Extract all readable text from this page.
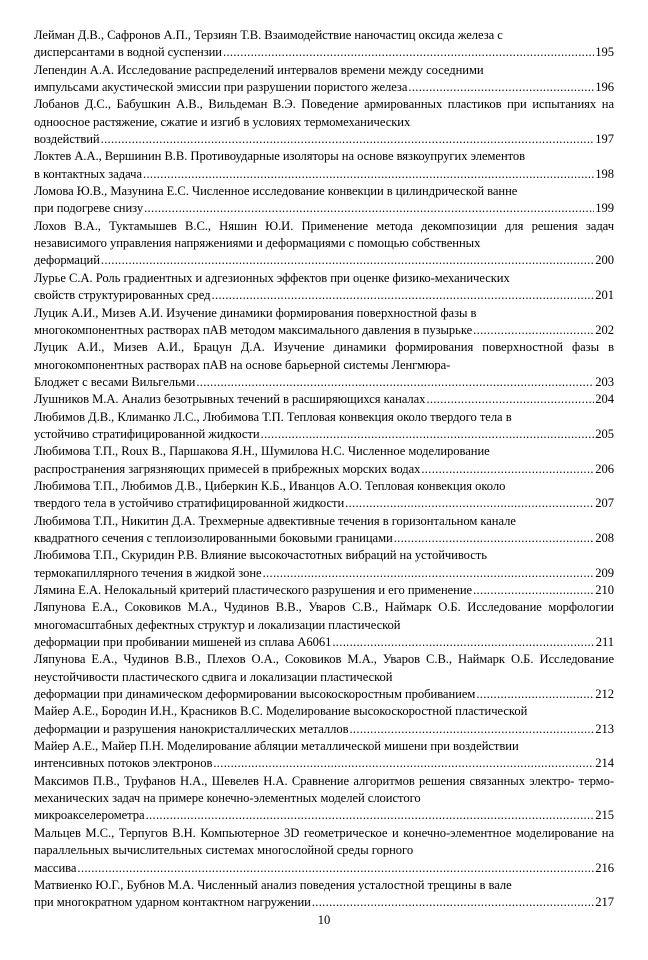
Лейман Д.В., Сафронов А.П., Терзиян Т.В. Взаимодействие наночастиц оксида железа с
дисперсантами в водной суспензии .....	195
Лепендин А.А. Исследование распределений интервалов времени между соседними
импульсами акустической эмиссии при разрушении пористого железа .....	196
Лобанов Д.С., Бабушкин А.В., Вильдеман В.Э. Поведение армированных пластиков при испытаниях на одноосное растяжение, сжатие и изгиб в условиях термомеханических
воздействий .....	197
Локтев А.А., Вершинин В.В. Противоударные изоляторы на основе вязкоупругих элементов
в контактных задача .....	198
Ломова Ю.В., Мазунина Е.С. Численное исследование конвекции в цилиндрической ванне
при подогреве снизу .....	199
Лохов В.А., Туктамышев В.С., Няшин Ю.И. Применение метода декомпозиции для решения задач независимого управления напряжениями и деформациями с помощью собственных
деформаций .....	200
Лурье С.А. Роль градиентных и адгезионных эффектов при оценке физико-механических
свойств структурированных сред .....	201
Луцик А.И., Мизев А.И. Изучение динамики формирования поверхностной фазы в
многокомпонентных растворах пАВ методом максимального давления в пузырьке .....	202
Луцик А.И., Мизев А.И., Брацун Д.А. Изучение динамики формирования поверхностной фазы в многокомпонентных растворах пАВ на основе барьерной системы Ленгмюра-
Блоджет с весами Вильгельми .....	203
Лушников М.А. Анализ безотрывных течений в расширяющихся каналах .....	204
Любимов Д.В., Климанко Л.С., Любимова Т.П. Тепловая конвекция около твердого тела в
устойчиво стратифицированной жидкости .....	205
Любимова Т.П., Roux B., Паршакова Я.Н., Шумилова Н.С. Численное моделирование
распространения загрязняющих примесей в прибрежных морских водах .....	206
Любимова Т.П., Любимов Д.В., Циберкин К.Б., Иванцов А.О. Тепловая конвекция около
твердого тела в устойчиво стратифицированной жидкости .....	207
Любимова Т.П., Никитин Д.А. Трехмерные адвективные течения в горизонтальном канале
квадратного сечения с теплоизолированными боковыми границами .....	208
Любимова Т.П., Скуридин Р.В. Влияние высокочастотных вибраций на устойчивость
термокапиллярного течения в жидкой зоне .....	209
Лямина Е.А. Нелокальный критерий пластического разрушения и его применение .....	210
Ляпунова Е.А., Соковиков М.А., Чудинов В.В., Уваров С.В., Наймарк О.Б. Исследование морфологии многомасштабных дефектных структур и локализации пластической
деформации при пробивании мишеней из сплава А6061 .....	211
Ляпунова Е.А., Чудинов В.В., Плехов О.А., Соковиков М.А., Уваров С.В., Наймарк О.Б. Исследование неустойчивости пластического сдвига и локализации пластической
деформации при динамическом деформировании высокоскоростным пробиванием .....	212
Майер А.Е., Бородин И.Н., Красников В.С. Моделирование высокоскоростной пластической
деформации и разрушения нанокристаллических металлов .....	213
Майер А.Е., Майер П.Н. Моделирование абляции металлической мишени при воздействии
интенсивных потоков электронов .....	214
Максимов П.В., Труфанов Н.А., Шевелев Н.А. Сравнение алгоритмов решения связанных электро- термо- механических задач на примере конечно-элементных моделей слоистого
микроакселерометра .....	215
Мальцев М.С., Терпугов В.Н. Компьютерное 3D геометрическое и конечно-элементное моделирование на параллельных вычислительных системах многослойной среды горного
массива .....	216
Матвиенко Ю.Г., Бубнов М.А. Численный анализ поведения усталостной трещины в вале
при многократном ударном контактном нагружении .....	217
10
